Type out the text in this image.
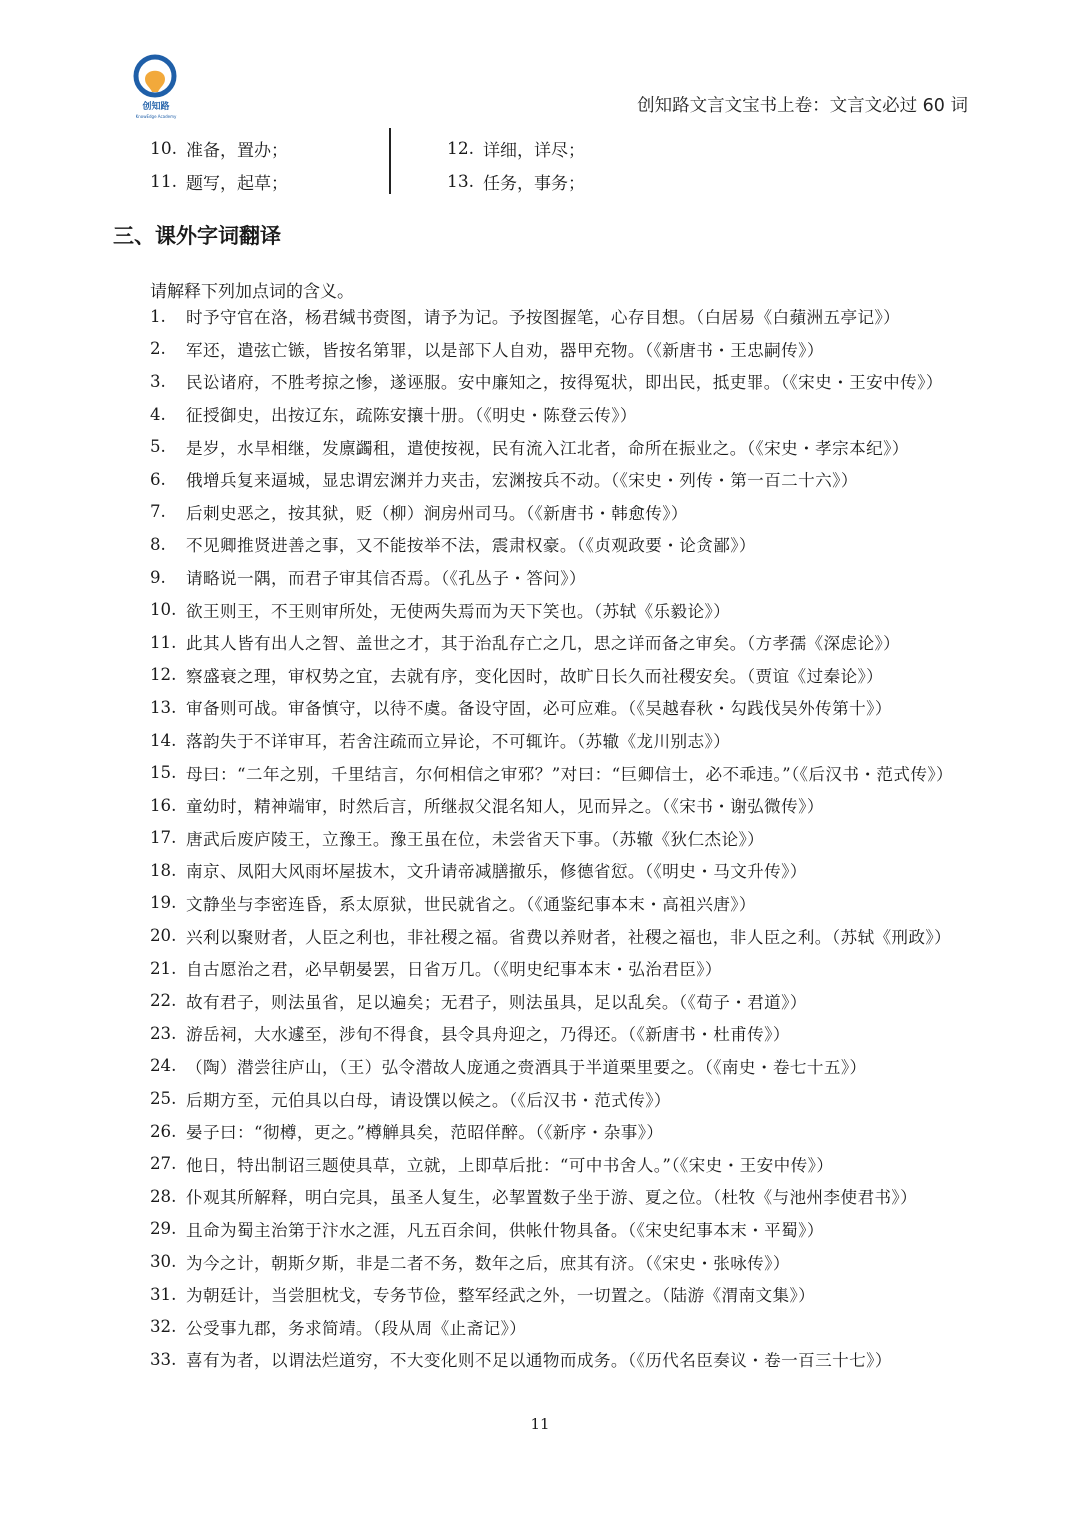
创知路
KnowEdge Academy
创知路文言文宝书上卷：文言文必过 60 词
10. 准备，置办；
11. 题写，起草；
12. 详细，详尽；
13. 任务，事务；
三、课外字词翻译
请解释下列加点词的含义。
1.	时予守官在洛，杨君缄书赍图，请予为记。予按图握笔，心存目想。（白居易《白蘋洲五亭记》）
2.	军还，遣弦亡镞，皆按名第罪，以是部下人自劝，器甲充物。（《新唐书・王忠嗣传》）
3.	民讼诸府，不胜考掠之惨，遂诬服。安中廉知之，按得冤状，即出民，抵吏罪。（《宋史・王安中传》）
4.	征授御史，出按辽东，疏陈安攘十册。（《明史・陈登云传》）
5.	是岁，水旱相继，发廪蠲租，遣使按视，民有流入江北者，命所在振业之。（《宋史・孝宗本纪》）
6.	俄增兵复来逼城，显忠谓宏渊并力夹击，宏渊按兵不动。（《宋史・列传・第一百二十六》）
7.	后刺史恶之，按其狱，贬（柳）涧房州司马。（《新唐书・韩愈传》）
8.	不见卿推贤进善之事，又不能按举不法，震肃权豪。（《贞观政要・论贪鄙》）
9.	请略说一隅，而君子审其信否焉。（《孔丛子・答问》）
10. 欲王则王，不王则审所处，无使两失焉而为天下笑也。（苏轼《乐毅论》）
11. 此其人皆有出人之智、盖世之才，其于治乱存亡之几，思之详而备之审矣。（方孝孺《深虑论》）
12. 察盛衰之理，审权势之宜，去就有序，变化因时，故旷日长久而社稷安矣。（贾谊《过秦论》）
13. 审备则可战。审备慎守，以待不虞。备设守固，必可应难。（《吴越春秋・勾践伐吴外传第十》）
14. 落韵失于不详审耳，若舍注疏而立异论，不可辄许。（苏辙《龙川别志》）
15. 母曰：“二年之别，千里结言，尔何相信之审邪？”对曰：“巨卿信士，必不乖违。”（《后汉书・范式传》）
16. 童幼时，精神端审，时然后言，所继叔父混名知人，见而异之。（《宋书・谢弘微传》）
17. 唐武后废庐陵王，立豫王。豫王虽在位，未尝省天下事。（苏辙《狄仁杰论》）
18. 南京、凤阳大风雨坏屋拔木，文升请帝减膳撤乐，修德省愆。（《明史・马文升传》）
19. 文静坐与李密连昏，系太原狱，世民就省之。（《通鉴纪事本末・高祖兴唐》）
20. 兴利以聚财者，人臣之利也，非社稷之福。省费以养财者，社稷之福也，非人臣之利。（苏轼《刑政》）
21. 自古愿治之君，必早朝晏罢，日省万几。（《明史纪事本末・弘治君臣》）
22. 故有君子，则法虽省，足以遍矣；无君子，则法虽具，足以乱矣。（《荀子・君道》）
23. 游岳祠，大水遽至，涉旬不得食，县令具舟迎之，乃得还。（《新唐书・杜甫传》）
24. （陶）潜尝往庐山，（王）弘令潜故人庞通之赍酒具于半道栗里要之。（《南史・卷七十五》）
25. 后期方至，元伯具以白母，请设馔以候之。（《后汉书・范式传》）
26. 晏子曰：“彻樽，更之。”樽觯具矣，范昭佯醉。（《新序・杂事》）
27. 他日，特出制诏三题使具草，立就，上即草后批：“可中书舍人。”（《宋史・王安中传》）
28. 仆观其所解释，明白完具，虽圣人复生，必挈置数子坐于游、夏之位。（杜牧《与池州李使君书》）
29. 且命为蜀主治第于汴水之涯，凡五百余间，供帐什物具备。（《宋史纪事本末・平蜀》）
30. 为今之计，朝斯夕斯，非是二者不务，数年之后，庶其有济。（《宋史・张咏传》）
31. 为朝廷计，当尝胆枕戈，专务节俭，整军经武之外，一切置之。（陆游《渭南文集》）
32. 公受事九郡，务求简靖。（段从周《止斋记》）
33. 喜有为者，以谓法烂道穷，不大变化则不足以通物而成务。（《历代名臣奏议・卷一百三十七》）
11
